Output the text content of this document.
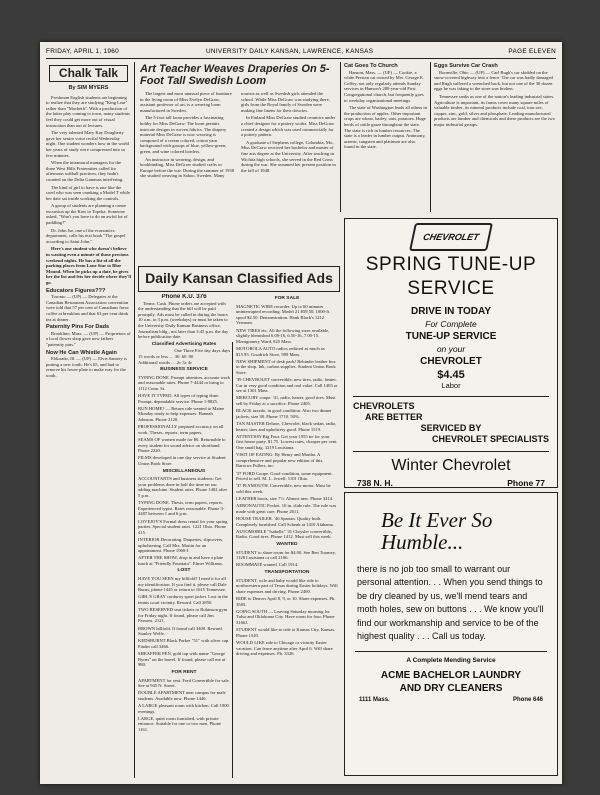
FRIDAY, APRIL 1, 1960	UNIVERSITY DAILY KANSAN, LAWRENCE, KANSAS	PAGE ELEVEN
Chalk Talk
By SIM MYERS

Freshman English students are beginning to realize that they are studying "King Lear" rather than "Macbeth". With a production of the latter play coming to town, many students feel they could get more out of visual instruction than out of lectures.

The very talented Mary Kay Dougherty gave her senior voice recital Wednesday night. One student wonders how in the world her years of study were compressed into so few minutes.

When the intramural managers for the three West Hills Fraternities called for afternoon softball practices, they hadn't counted on the Delta Gammas interfering.

The kind of girl to have is one like the coed who was seen cranking a Model T while her date sat inside working the controls.

A group of students are planning a canoe excursion up the Kaw to Topeka. Someone asked, "Won't you have to do an awful lot of paddling?"

Dr. John Ise, one of the economics department, calls his text book "The gospel according to Saint John."

Here's one student who doesn't believe in wasting even a minute of those precious weekend nights. He has a list of all the parking places from Lone Star to Blue Mound. When he picks up a date, he gives her the list and lets her decide where they'll go.

Educators Figures???

Toronto — (UP) — Delegates at the Canadian Restaurant Association convention were told that 57 per cent of Canadians favor coffee at breakfast and that 63 per cent drink tea at dinner.

Paternity Pins For Dads

Brookline, Mass. — (UP) — Proprietors of a local flower shop gave new fathers "paternity pins."

Now He Can Whistle Again

Eldorado, Ill. — (UP) — Elvis Santery is putting a new tooth. He's 65, and had to remove his lower plate to make way for the tooth.

Art Teacher Weaves Draperies On 5-Foot Tall Swedish Loom

The largest and most unusual piece of furniture in the living room of Miss Evelyn DeGraw, assistant professor of art, is a weaving loom manufactured in Sweden.

The 5-foot tall loom provides a fascinating hobby for Miss DeGraw. The loom permits intricate designs in woven fabrics. The drapery material Miss DeGraw is now weaving is composed of a cream colored, cotton yarn background with groups of blue, yellow-green, green, and wine colored borders.

An instructor in weaving, design, and bookbinding, Miss DeGraw studied crafts in Europe before the war. During the summer of 1938 she studied weaving in Saboo, Sweden. Many tourists as well as Swedish girls attended the school. While Miss DeGraw was studying there, girls from the Royal family of Sweden were making fine linens for their dowries.

In Finland Miss DeGraw studied ceramics under a chief designer for a pottery works. Miss DeGraw created a design which was used commercially for a pottery pattern.

A graduate of Stephens college, Columbia, Mo., Miss DeGraw received her bachelor and master of fine arts degree at the University. After teaching in Wichita high schools, she served in the Red Cross during the war. She assumed her present position in the fall of 1948.

Cat Goes To Church

Hanson, Mass. — (UP) — Cookie, a white Persian cat owned by Mrs. George E. Coffey, not only regularly attends Sunday services in Hanson's 200-year-old First Congregational church, but frequently goes to weekday organizational meetings.

The state of Washington leads all others in the production of apples. Other important crops are wheat, barley, oats, potatoes. Huge herds of cattle graze throughout the state. The state is rich in lumber resources. The state is a leader in lumber output. Antimony, arsenic, tungsten and platinum are also found in the state.

Eggs Survive Car Crash

Boonville, Ohio — (UP) — Carl Rugh's car skidded on the snow-covered highway into a fence. The car was badly damaged and Rugh suffered a wrenched back, but not one of the 30 dozen eggs he was taking to the store was broken.

Tennessee ranks as one of the nation's leading industrial states. Agriculture is important, its farms cover many square miles of valuable timber, its mineral products include coal, iron ore, copper, zinc, gold, silver and phosphate. Leading manufactured products are lumber and chemicals and these products are the two major industrial groups.

Daily Kansan Classified Ads
Phone K.U. 376

Terms: Cash. Phone orders are accepted with the understanding that the bill will be paid promptly. Ads must be called in during the hours 10 a.m. to 3 p.m. (weekdays) or must be taken to the University Daily Kansan Business office, Journalism bldg., not later than 3:45 p.m. the day before publication date.

Classified Advertising Rates
One Three Five day days days
15 words or less ... .30 .60 .90
Additional words ... .2c 3c 4c
BUSINESS SERVICE

TYPING DONE. Prompt attention, accurate work and reasonable rates. Phone 7-4444 or bring to 1112 Conn. St.

HAVE IT TYPED. All types of typing done. Prompt, dependable service. Phone 1-8825.

RUN HOME? — Return ride wanted to Maine Monday ready to help expenses. Hannah Johnson. Phone 2120.

PROFESSIONALLY prepared accuracy on all work. Theses, reports, term papers.

SEAMS OF women made for $6. Returnable to every student for sound advice on shorthand. Phone 2220.

FILMS developed in one day service at Student Union Book Store.

MISCELLANEOUS

ACCOUNTANTS and business students: Get your problems done in half the time on our adding machine. Student rates. Phone 1402 after 5 p.m.

TYPING DONE. Thesis, term papers, reports. Experienced typist. Rates reasonable. Phone 3-4487 between 1 and 6 p.m.

LOVEJOY'S Formal dress rental for your spring parties. Special student rates. 1221 Ohio. Phone 415.

INTERIOR Decorating. Draperies, slipcovers, upholstering. Call Mrs. Martin for an appointment. Phone 1960-J.

AFTER THE SHOW, drop in and have a plate lunch at "Friendly Fountain". Elmer Williams.

LOST

HAVE YOU SEEN my billfold? I need it for all my identification. If you find it, please call Dale Burns, phone 1445 or return to 1615 Tennessee.

GIRL'S GRAY corduroy sport jacket. Lost in the tennis court vicinity. Reward. Call 2850.

TWO RESERVED seat tickets to Robinson gym for Friday night. If found, please call Jim Parsons, 2121.

BROWN billfold. If found call 3400. Reward. Stanley Wolfe.

KEDSBURNT Black Parker "51" with silver cap. Finder call 3466.

SHEAFFER PEN, gold top with name "George Byrns" on the barrel. If found, please call me at 980.

FOR RENT

APARTMENT for rent. Ford Convertible for sale. See at 945 N. Street.

DOUBLE APARTMENT near campus for male students. Available now. Phone 1446.

A LARGE pleasant room with kitchen. Call 1800 evenings.

LARGE, quiet room furnished, with private entrance. Suitable for one or two men. Phone 1161.

FOR SALE

MAGNETIC WIRE recorder. Up to 60 minutes uninterrupted recording. Model 21 $59.50, 1000-ft. spool $2.50. Demonstration. Hank Black's 1212 Vermont.

NEW TIRES etc. All the following sizes available, slightly blemished 6.00-16, 6.50-16, 7.00-15. Montgomery Ward, 825 Mass.

MOTOROLA AUTO radios reduced as much as $15.95. Goodrich Store, 909 Mass.

NEW SHIPMENT of desk pads! Rebinder leather box in the shop. Ink, carbon supplies. Student Union Book Store.

'39 CHEVROLET convertible, new tires, radio, heater. Car in very good condition and real value. Call 1403 or see at 1301 Mass.

MERCURY coupe. '41, radio, heater, good tires. Must sell by Friday at a sacrifice. Phone 2405.

BLACK tuxedo, in good condition. Also two dinner jackets, size 38. Phone 1710. 50%.

TAN MASTER Deluxe, Chevrolet, black sedan, radio, heater, tires and upholstery good. Phone 1519.

ATTENTION Big Four. Get your 1955 tie for your first house party. $1.75. Lowest rates, cheaper per cent. One small bag. 1219 Louisiana.

VISIT OF EATING: By Henry and Martha. A comprehensive and popular new edition of this. Barrows Fullers, inc.

'37 FORD Coupe. Good condition, some equipment. Priced to sell. M. L. Jewell, 1101 Ohio.

'37 PLYMOUTH. Convertible, new motor. Must be sold this week.

LEATHER boots, size 7½. Almost new. Phone 3414.

AERONAUTIC Pocket. 10 in. slide rule. The rule was made with great care. Phone 2611.

HOUSE TRAILER. '46 Spartan. Quality built. Completely furnished. Call Schenk at 1410 Alabama.

AUTOMOBILE "Isabella" '41 Chrysler convertible, Radio. Good tires. Phone 1412. Must sell this week.

WANTED

STUDENT to share room for $4.00. See Ben Tuomey, 1128 Louisiana or call 2106.

ROOMMATE wanted. Call 1914.

TRANSPORTATION

STUDENT, wife and baby would like ride to northwestern part of Texas during Easter holidays. Will share expenses and driving. Phone 2400.

RIDE to Denver April 8, 9, or 10. Share expenses. Ph. 3583.

GOING SOUTH — Leaving Saturday morning for Tulsa and Oklahoma City. Have room for four. Phone 3166J.

STUDENT would like to ride to Kansas City, Kansas. Phone 1520.

WOULD LIKE ride to Chicago or vicinity Easter vacation. Can leave anytime after April 6. Will share driving and expenses. Ph. 3326.

CHEVROLET
SPRING TUNE-UP SERVICE
DRIVE IN TODAY
For Complete
TUNE-UP SERVICE
on your
CHEVROLET
$4.45
Labor
CHEVROLETS
ARE BETTER
SERVICED BY
CHEVROLET SPECIALISTS
Winter Chevrolet
738 N. H.	Phone 77
Be It Ever So Humble...
there is no job too small to warrant our personal attention. . . When you send things to be dry cleaned by us, we'll mend tears and moth holes, sew on buttons . . . We know you'll find our workmanship and service to be of the highest quality . . . Call us today.
A Complete Mending Service
ACME BACHELOR LAUNDRY
AND DRY CLEANERS
1111 Mass.	Phone 646
